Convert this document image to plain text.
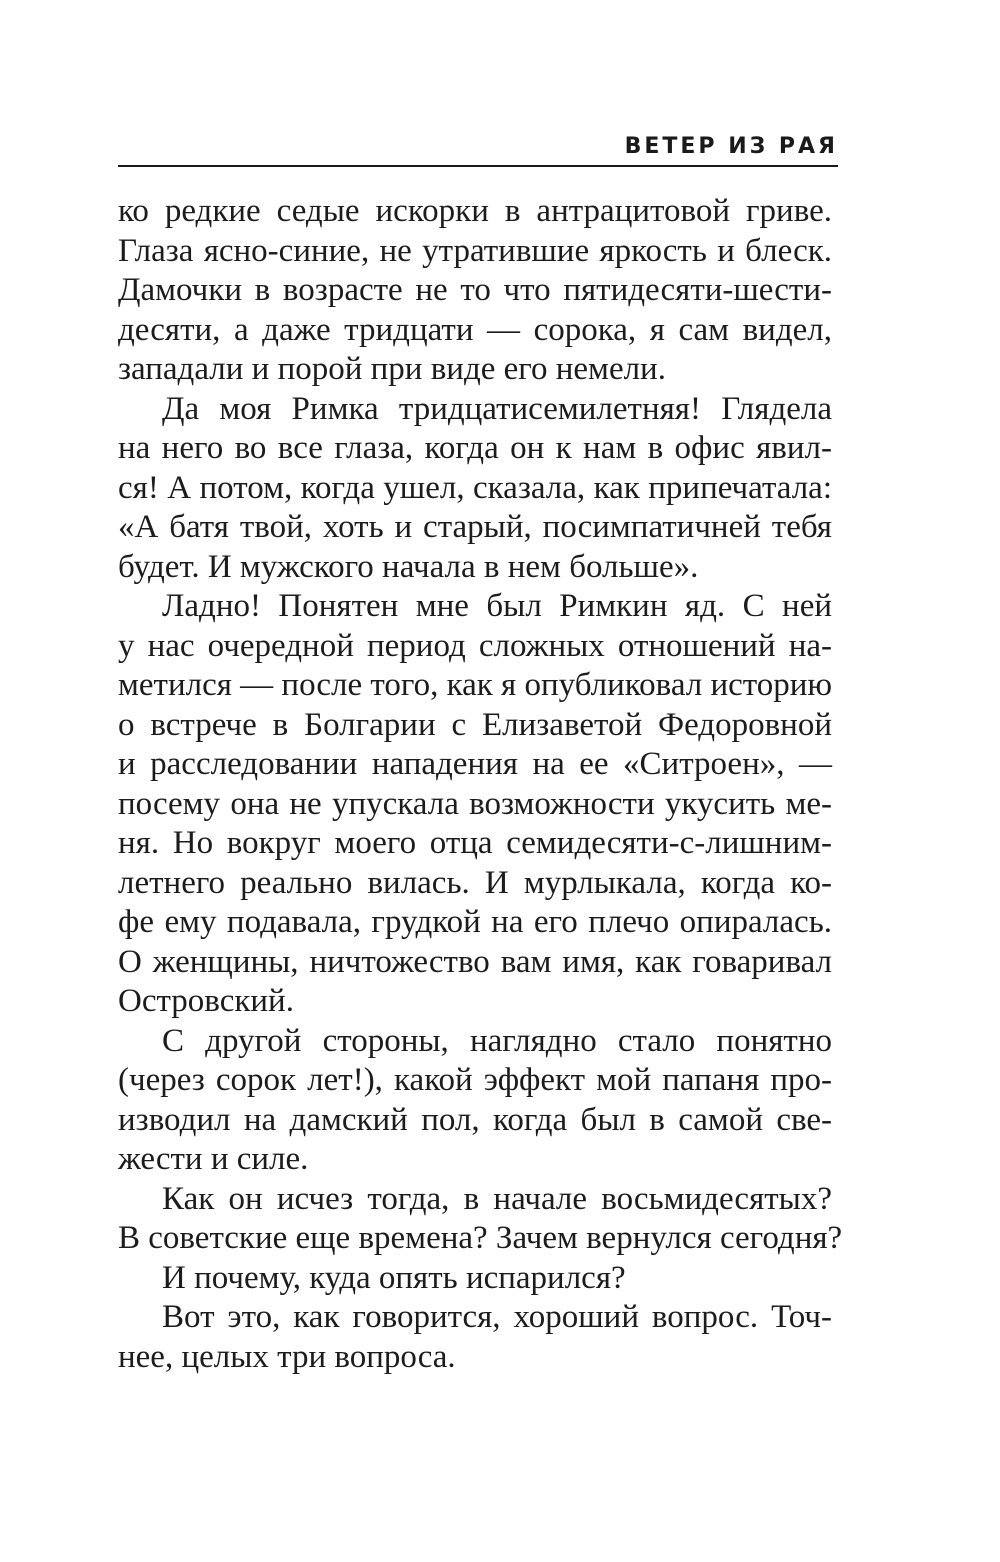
ВЕТЕР ИЗ РАЯ
ко редкие седые искорки в антрацитовой гриве.
Глаза ясно-синие, не утратившие яркость и блеск.
Дамочки в возрасте не то что пятидесяти-шести-
десяти, а даже тридцати — сорока, я сам видел,
западали и порой при виде его немели.
Да моя Римка тридцатисемилетняя! Глядела
на него во все глаза, когда он к нам в офис явил-
ся! А потом, когда ушел, сказала, как припечатала:
«А батя твой, хоть и старый, посимпатичней тебя
будет. И мужского начала в нем больше».
Ладно! Понятен мне был Римкин яд. С ней
у нас очередной период сложных отношений на-
метился — после того, как я опубликовал историю
о встрече в Болгарии с Елизаветой Федоровной
и расследовании нападения на ее «Ситроен», —
посему она не упускала возможности укусить ме-
ня. Но вокруг моего отца семидесяти-с-лишним-
летнего реально вилась. И мурлыкала, когда ко-
фе ему подавала, грудкой на его плечо опиралась.
О женщины, ничтожество вам имя, как говаривал
Островский.
С другой стороны, наглядно стало понятно
(через сорок лет!), какой эффект мой папаня про-
изводил на дамский пол, когда был в самой све-
жести и силе.
Как он исчез тогда, в начале восьмидесятых?
В советские еще времена? Зачем вернулся сегодня?
И почему, куда опять испарился?
Вот это, как говорится, хороший вопрос. Точ-
нее, целых три вопроса.
